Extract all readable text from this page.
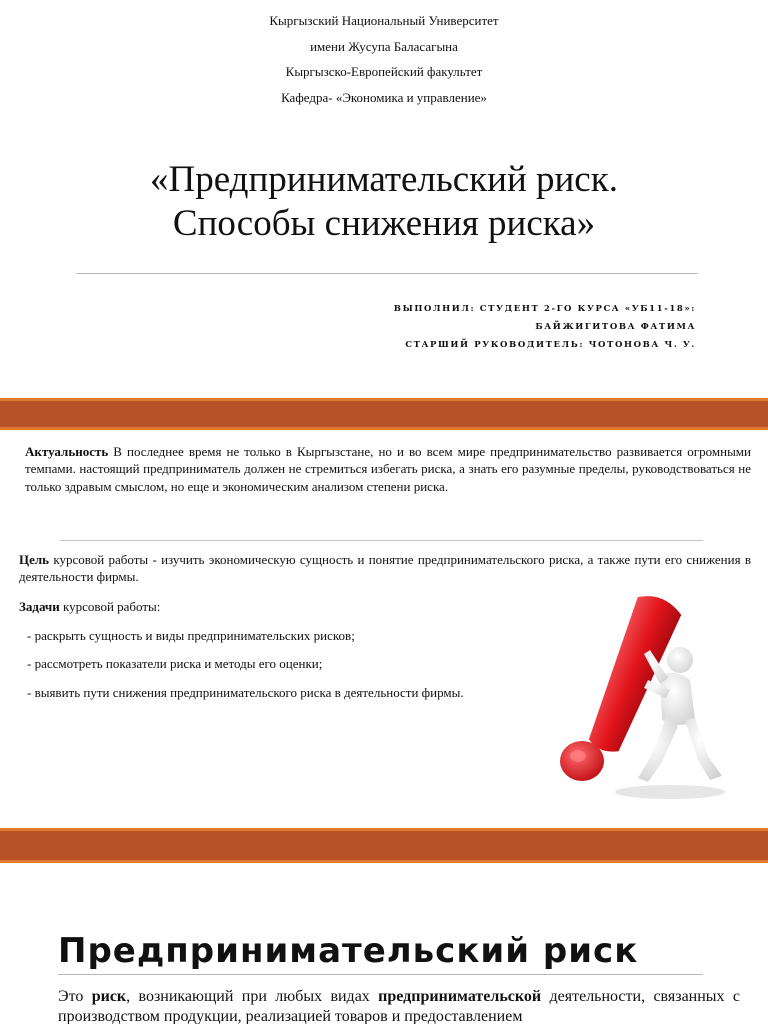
Кыргызский Национальный Университет

имени Жусупа Баласагына

Кыргызско-Европейский факультет

Кафедра- «Экономика и управление»

«Предпринимательский риск.
Способы снижения риска»
ВЫПОЛНИЛ: СТУДЕНТ 2-ГО КУРСА «УБ11-18»:
БАЙЖИГИТОВА ФАТИМА
СТАРШИЙ РУКОВОДИТЕЛЬ: ЧОТОНОВА Ч. У.
Актуальность В последнее время не только в Кыргызстане, но и во всем мире предпринимательство развивается огромными темпами. настоящий предприниматель должен не стремиться избегать риска, а знать его разумные пределы, руководствоваться не только здравым смыслом, но еще и экономическим анализом степени риска.
Цель курсовой работы - изучить экономическую сущность и понятие предпринимательского риска, а также пути его снижения в деятельности фирмы.
Задачи курсовой работы:
- раскрыть сущность и виды предпринимательских рисков;
- рассмотреть показатели риска и методы его оценки;
- выявить пути снижения предпринимательского риска в деятельности фирмы.
Предпринимательский риск
Это риск, возникающий при любых видах предпринимательской деятельности, связанных с производством продукции, реализацией товаров и предоставлением
